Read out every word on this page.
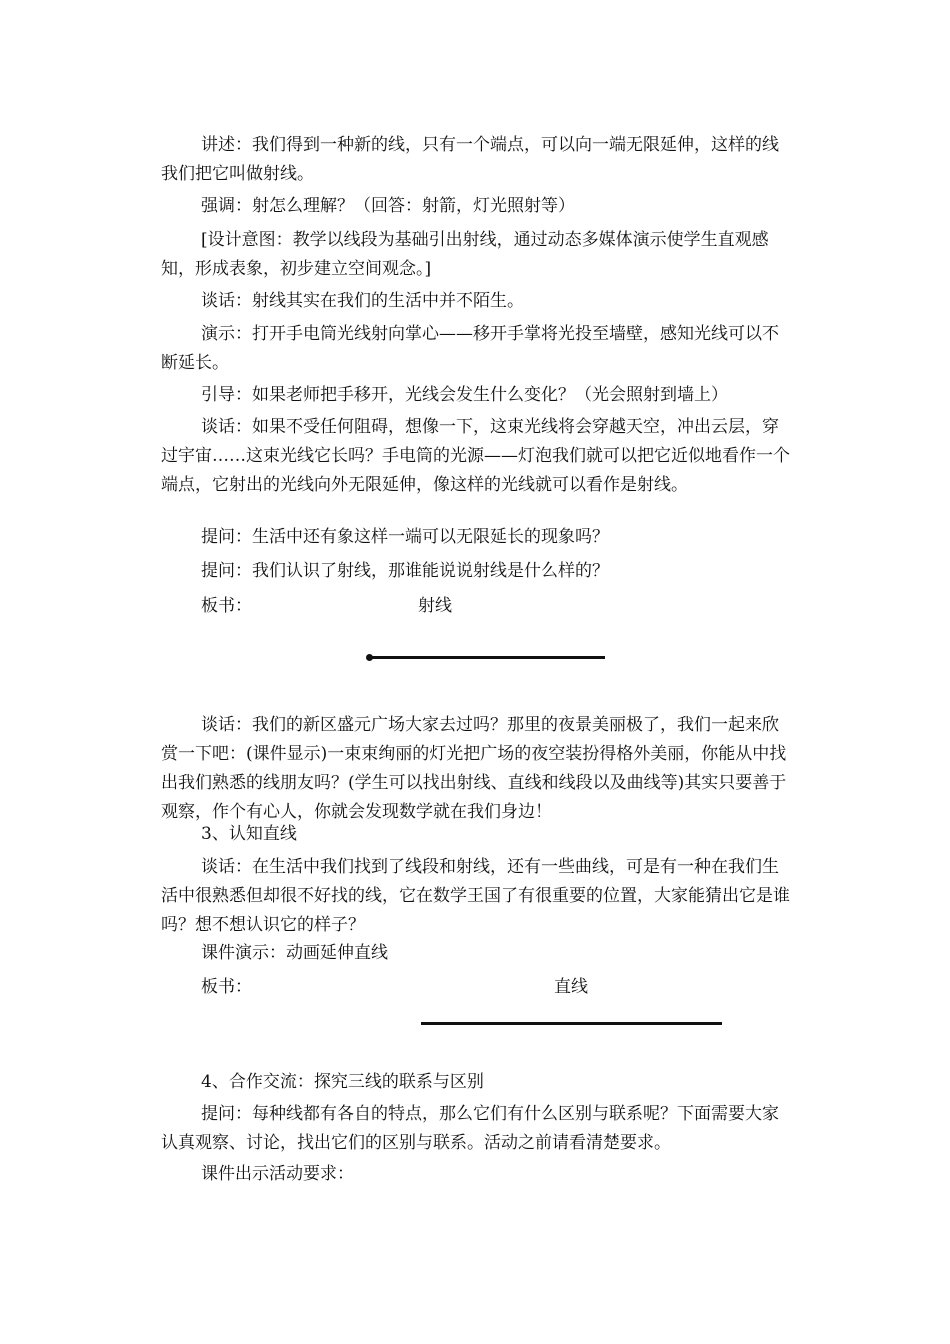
讲述：我们得到一种新的线，只有一个端点，可以向一端无限延伸，这样的线我们把它叫做射线。

强调：射怎么理解？（回答：射箭，灯光照射等）

[设计意图：教学以线段为基础引出射线，通过动态多媒体演示使学生直观感知，形成表象，初步建立空间观念。]

谈话：射线其实在我们的生活中并不陌生。

演示：打开手电筒光线射向掌心——移开手掌将光投至墙壁，感知光线可以不断延长。

引导：如果老师把手移开，光线会发生什么变化？（光会照射到墙上）

谈话：如果不受任何阻碍，想像一下，这束光线将会穿越天空，冲出云层，穿过宇宙……这束光线它长吗？手电筒的光源——灯泡我们就可以把它近似地看作一个端点，它射出的光线向外无限延伸，像这样的光线就可以看作是射线。

提问：生活中还有象这样一端可以无限延长的现象吗？

提问：我们认识了射线，那谁能说说射线是什么样的？

板书：	射线

谈话：我们的新区盛元广场大家去过吗？那里的夜景美丽极了，我们一起来欣赏一下吧：(课件显示)一束束绚丽的灯光把广场的夜空装扮得格外美丽，你能从中找出我们熟悉的线朋友吗？(学生可以找出射线、直线和线段以及曲线等)其实只要善于观察，作个有心人，你就会发现数学就在我们身边！

3、认知直线

谈话：在生活中我们找到了线段和射线，还有一些曲线，可是有一种在我们生活中很熟悉但却很不好找的线，它在数学王国了有很重要的位置，大家能猜出它是谁吗？想不想认识它的样子？

课件演示：动画延伸直线

板书：	直线

4、合作交流：探究三线的联系与区别

提问：每种线都有各自的特点，那么它们有什么区别与联系呢？下面需要大家认真观察、讨论，找出它们的区别与联系。活动之前请看清楚要求。

课件出示活动要求：
